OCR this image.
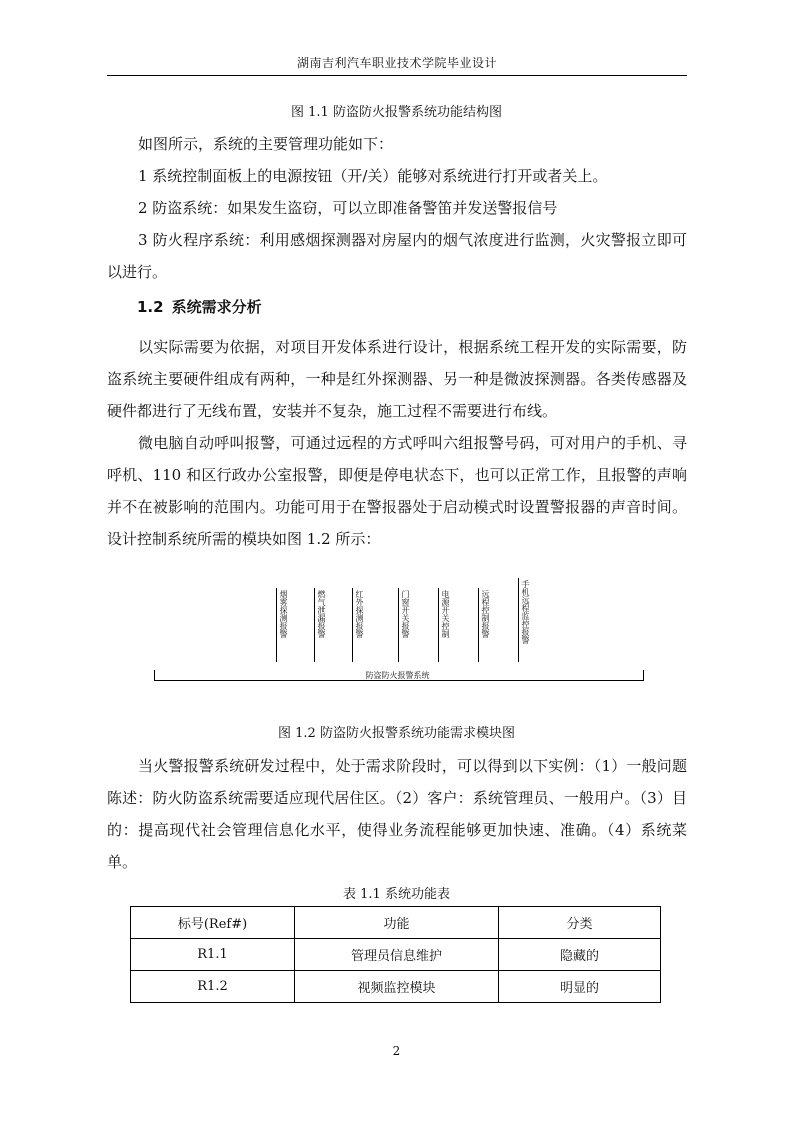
湖南吉利汽车职业技术学院毕业设计
图 1.1 防盗防火报警系统功能结构图

如图所示，系统的主要管理功能如下：

1 系统控制面板上的电源按钮（开/关）能够对系统进行打开或者关上。

2 防盗系统：如果发生盗窃，可以立即准备警笛并发送警报信号

3 防火程序系统：利用感烟探测器对房屋内的烟气浓度进行监测，火灾警报立即可以进行。

1.2 系统需求分析

以实际需要为依据，对项目开发体系进行设计，根据系统工程开发的实际需要，防盗系统主要硬件组成有两种，一种是红外探测器、另一种是微波探测器。各类传感器及硬件都进行了无线布置，安装并不复杂，施工过程不需要进行布线。

微电脑自动呼叫报警，可通过远程的方式呼叫六组报警号码，可对用户的手机、寻呼机、110 和区行政办公室报警，即便是停电状态下，也可以正常工作，且报警的声响并不在被影响的范围内。功能可用于在警报器处于启动模式时设置警报器的声音时间。设计控制系统所需的模块如图 1.2 所示：

烟雾探测报警	燃气泄漏报警	红外探测报警	门窗开关报警	电源开关控制	远程控制报警	手机远程监控报警
防盗防火报警系统
图 1.2 防盗防火报警系统功能需求模块图

当火警报警系统研发过程中，处于需求阶段时，可以得到以下实例：（1）一般问题陈述：防火防盗系统需要适应现代居住区。（2）客户：系统管理员、一般用户。（3）目的：提高现代社会管理信息化水平，使得业务流程能够更加快速、准确。（4）系统菜单。

表 1.1 系统功能表
标号(Ref#)	功能	分类
R1.1	管理员信息维护	隐藏的
R1.2	视频监控模块	明显的
2
